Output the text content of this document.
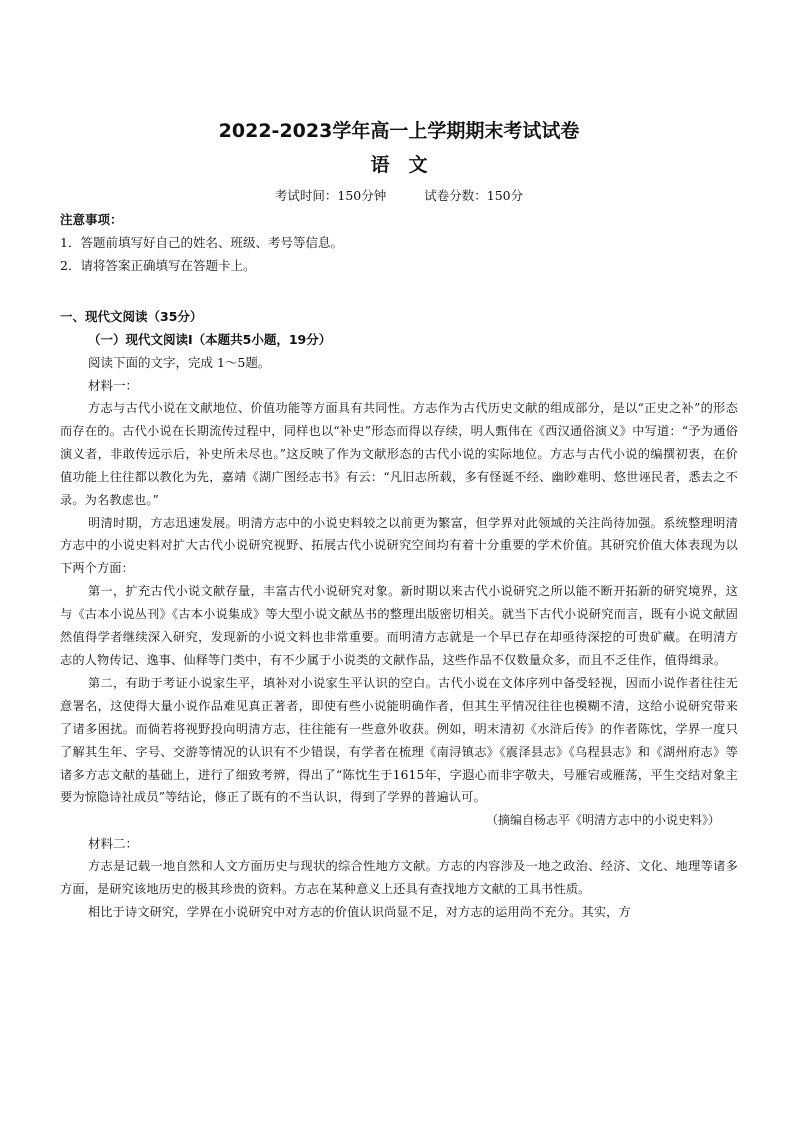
2022-2023学年高一上学期期末考试试卷
语　文
考试时间：150分钟	试卷分数：150分
注意事项：
1．答题前填写好自己的姓名、班级、考号等信息。
2．请将答案正确填写在答题卡上。
一、现代文阅读（35分）
（一）现代文阅读Ⅰ（本题共5小题，19分）
阅读下面的文字，完成 1～5题。
材料一：

方志与古代小说在文献地位、价值功能等方面具有共同性。方志作为古代历史文献的组成部分，是以“正史之补”的形态而存在的。古代小说在长期流传过程中，同样也以“补史”形态而得以存续，明人甄伟在《西汉通俗演义》中写道：“予为通俗演义者，非敢传远示后，补史所未尽也。”这反映了作为文献形态的古代小说的实际地位。方志与古代小说的编撰初衷，在价值功能上往往都以教化为先，嘉靖《湖广图经志书》有云：“凡旧志所载，多有怪诞不经、幽眇难明、悠世诬民者，悉去之不录。为名教虑也。”

明清时期，方志迅速发展。明清方志中的小说史料较之以前更为繁富，但学界对此领域的关注尚待加强。系统整理明清方志中的小说史料对扩大古代小说研究视野、拓展古代小说研究空间均有着十分重要的学术价值。其研究价值大体表现为以下两个方面：

第一，扩充古代小说文献存量，丰富古代小说研究对象。新时期以来古代小说研究之所以能不断开拓新的研究境界，这与《古本小说丛刊》《古本小说集成》等大型小说文献丛书的整理出版密切相关。就当下古代小说研究而言，既有小说文献固然值得学者继续深入研究，发现新的小说文料也非常重要。而明清方志就是一个早已存在却亟待深挖的可贵矿藏。在明清方志的人物传记、逸事、仙释等门类中，有不少属于小说类的文献作品，这些作品不仅数量众多，而且不乏佳作，值得缉录。

第二，有助于考证小说家生平，填补对小说家生平认识的空白。古代小说在文体序列中备受轻视，因而小说作者往往无意署名，这使得大量小说作品难见真正著者，即使有些小说能明确作者，但其生平情况往往也模糊不清，这给小说研究带来了诸多困扰。而倘若将视野投向明清方志，往往能有一些意外收获。例如，明末清初《水浒后传》的作者陈忱，学界一度只了解其生年、字号、交游等情况的认识有不少错误，有学者在梳理《南浔镇志》《震泽县志》《乌程县志》和《湖州府志》等诸多方志文献的基础上，进行了细致考辨，得出了“陈忱生于1615年，字遐心而非字敬夫，号雁宕或雁荡，平生交结对象主要为惊隐诗社成员”等结论，修正了既有的不当认识，得到了学界的普遍认可。

（摘编自杨志平《明清方志中的小说史料》）
材料二：

方志是记载一地自然和人文方面历史与现状的综合性地方文献。方志的内容涉及一地之政治、经济、文化、地理等诸多方面，是研究该地历史的极其珍贵的资料。方志在某种意义上还具有查找地方文献的工具书性质。

相比于诗文研究，学界在小说研究中对方志的价值认识尚显不足，对方志的运用尚不充分。其实，方
